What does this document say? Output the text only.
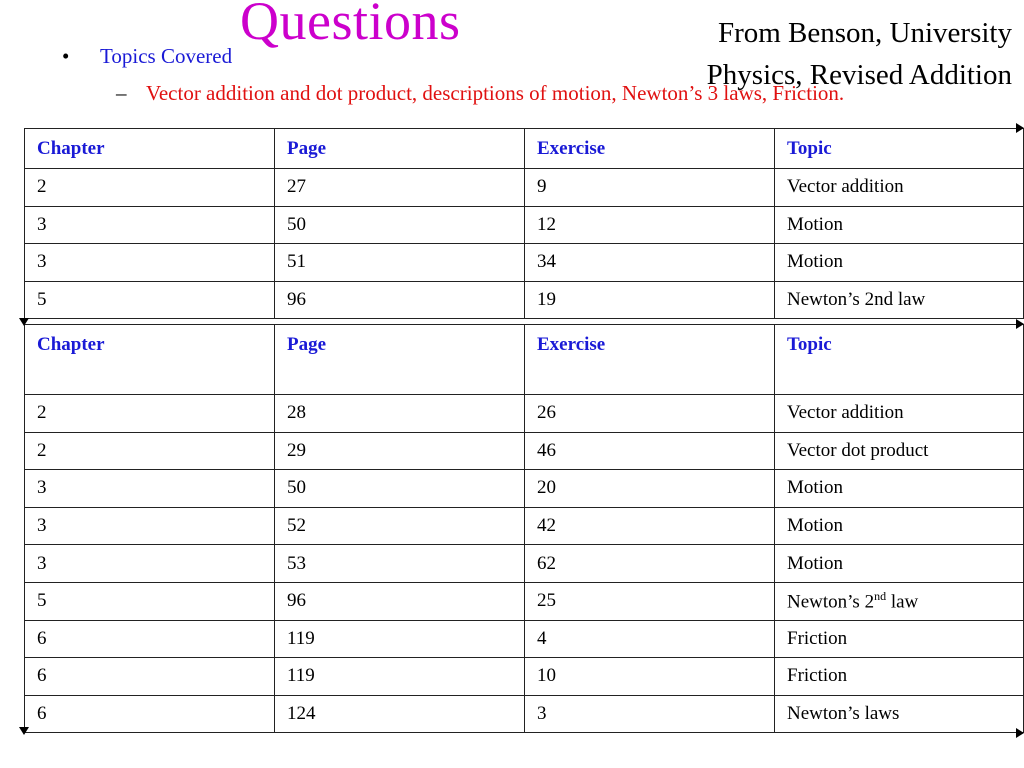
Questions	From Benson, University Physics, Revised Addition
• Topics Covered
– Vector addition and dot product, descriptions of motion, Newton’s 3 laws, Friction.
Chapter	Page	Exercise	Topic
2	27	9	Vector addition
3	50	12	Motion
3	51	34	Motion
5	96	19	Newton’s 2nd law
Chapter	Page	Exercise	Topic
2	28	26	Vector addition
2	29	46	Vector dot product
3	50	20	Motion
3	52	42	Motion
3	53	62	Motion
5	96	25	Newton’s 2nd law
6	119	4	Friction
6	119	10	Friction
6	124	3	Newton’s laws
